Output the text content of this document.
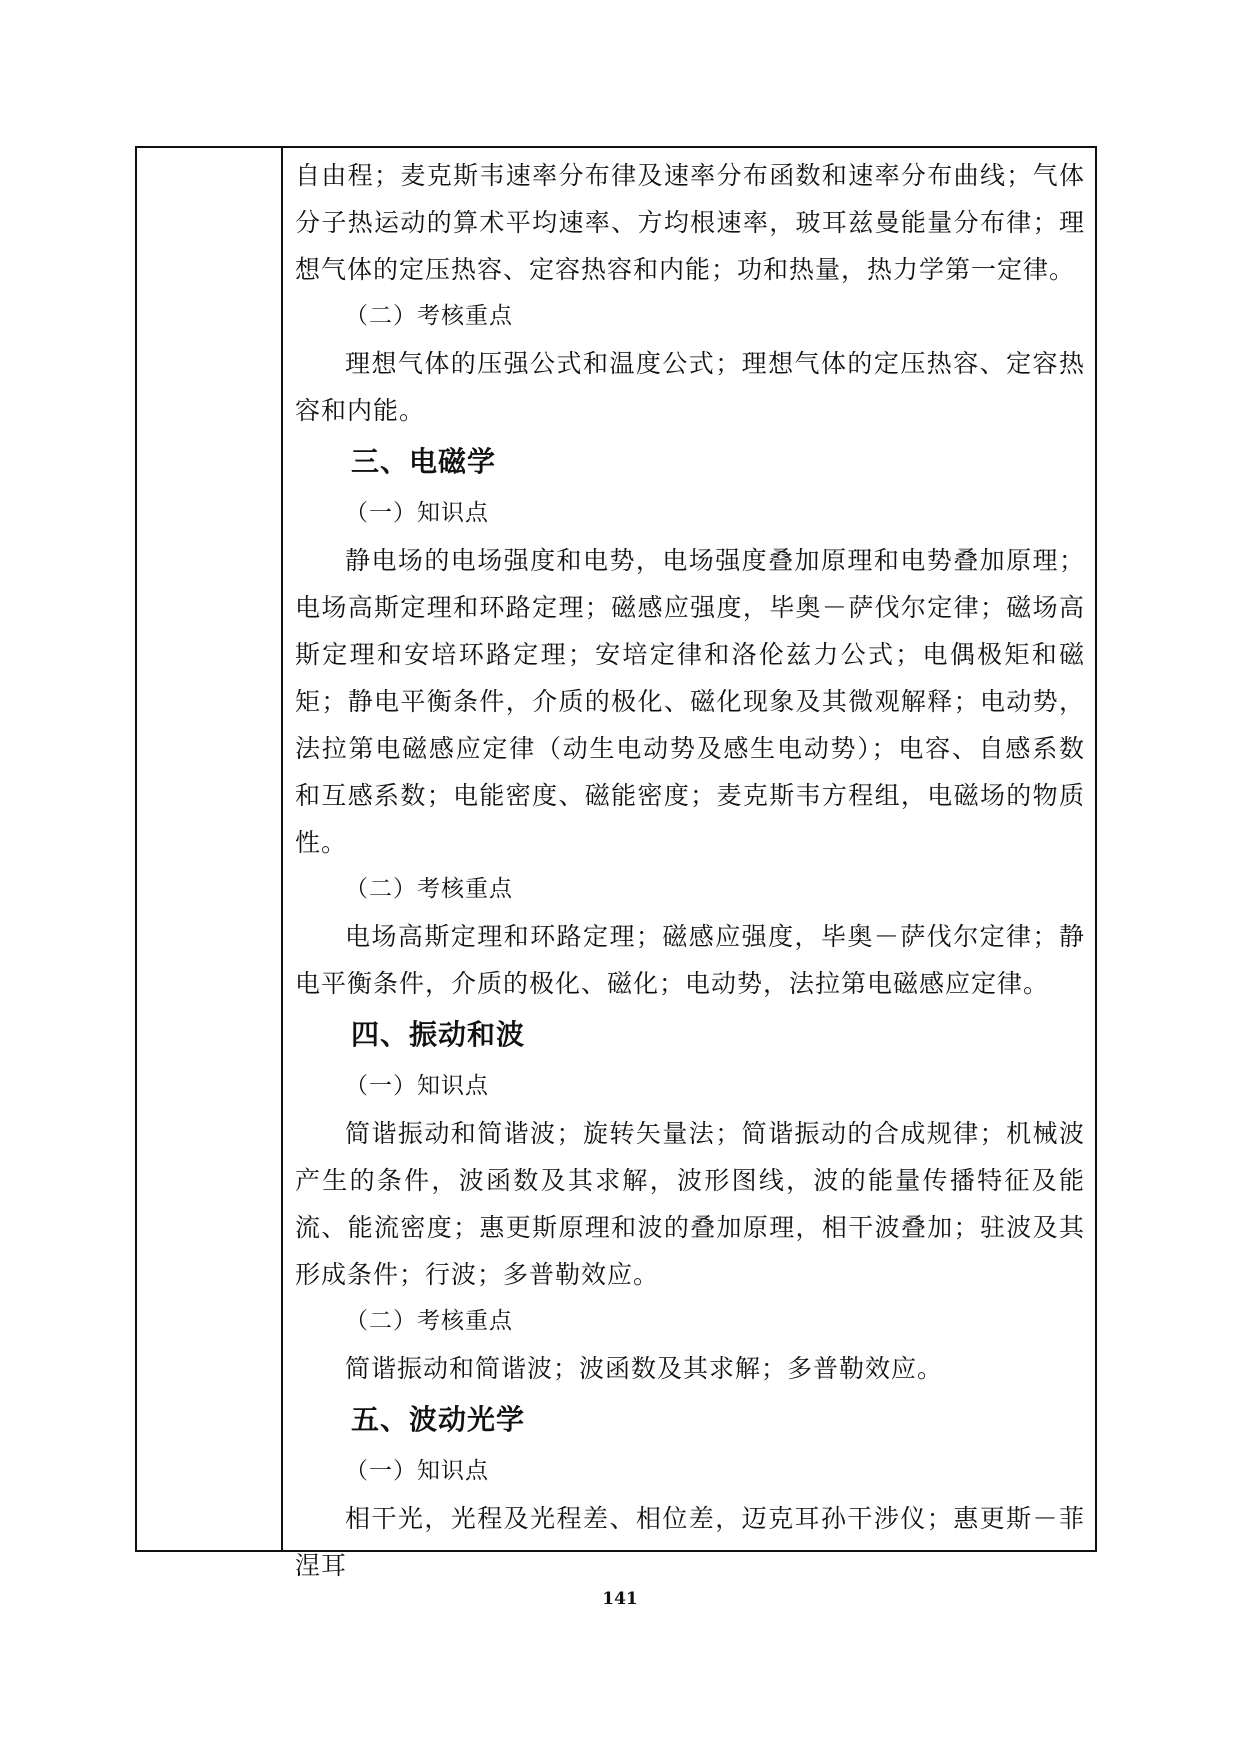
自由程；麦克斯韦速率分布律及速率分布函数和速率分布曲线；气体分子热运动的算术平均速率、方均根速率，玻耳兹曼能量分布律；理想气体的定压热容、定容热容和内能；功和热量，热力学第一定律。

（二）考核重点

理想气体的压强公式和温度公式；理想气体的定压热容、定容热容和内能。

三、电磁学

（一）知识点

静电场的电场强度和电势，电场强度叠加原理和电势叠加原理；电场高斯定理和环路定理；磁感应强度，毕奥－萨伐尔定律；磁场高斯定理和安培环路定理；安培定律和洛伦兹力公式；电偶极矩和磁矩；静电平衡条件，介质的极化、磁化现象及其微观解释；电动势，法拉第电磁感应定律（动生电动势及感生电动势）；电容、自感系数和互感系数；电能密度、磁能密度；麦克斯韦方程组，电磁场的物质性。

（二）考核重点

电场高斯定理和环路定理；磁感应强度，毕奥－萨伐尔定律；静电平衡条件，介质的极化、磁化；电动势，法拉第电磁感应定律。

四、振动和波

（一）知识点

简谐振动和简谐波；旋转矢量法；简谐振动的合成规律；机械波产生的条件，波函数及其求解，波形图线，波的能量传播特征及能流、能流密度；惠更斯原理和波的叠加原理，相干波叠加；驻波及其形成条件；行波；多普勒效应。

（二）考核重点

简谐振动和简谐波；波函数及其求解；多普勒效应。

五、波动光学

（一）知识点

相干光，光程及光程差、相位差，迈克耳孙干涉仪；惠更斯－菲涅耳

141
